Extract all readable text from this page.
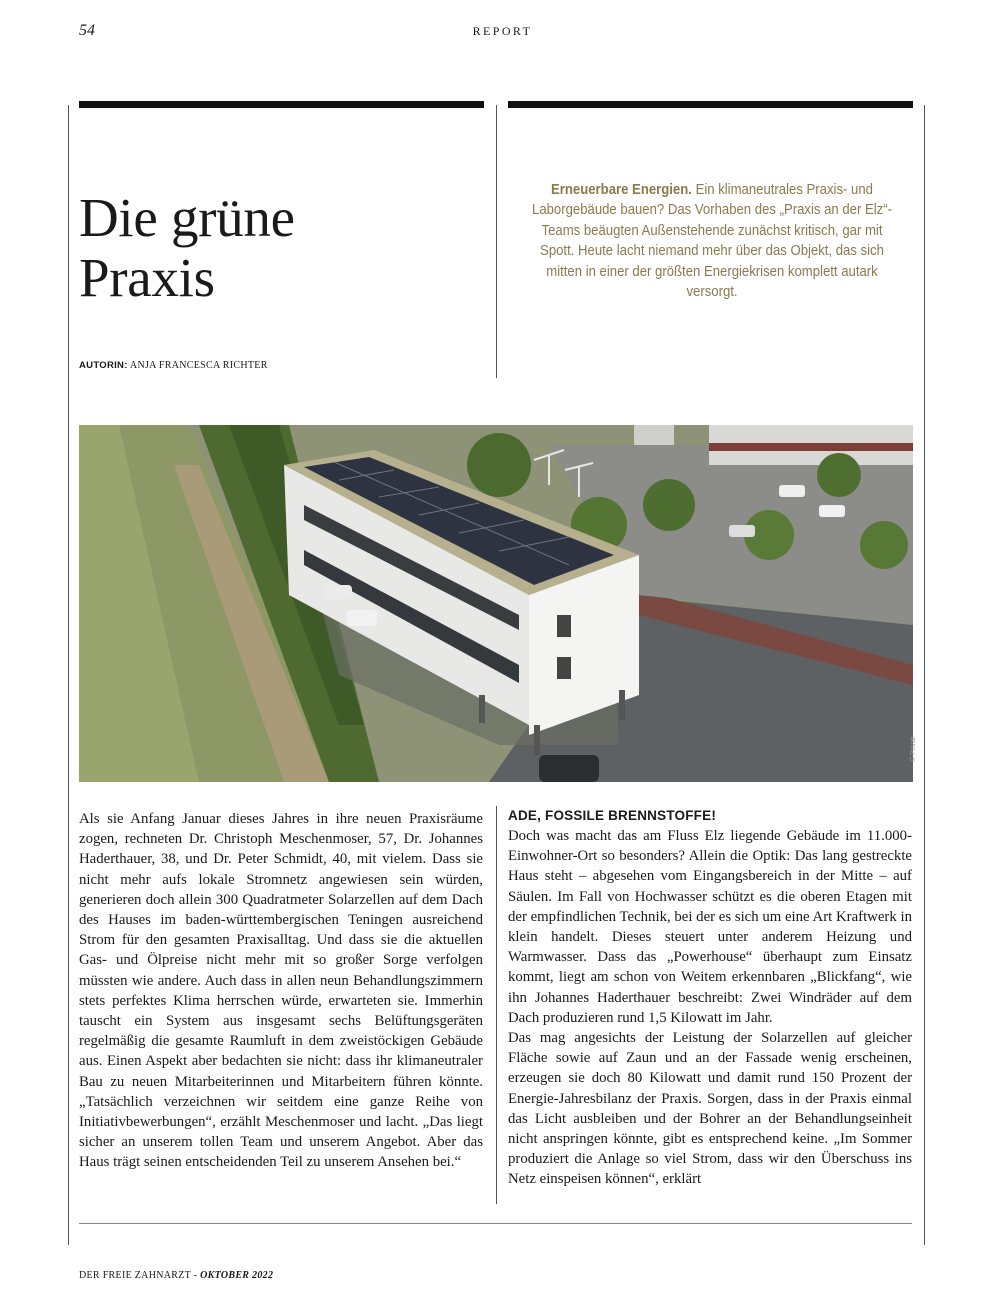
54	REPORT
Die grüne
Praxis
Erneuerbare Energien. Ein klimaneutrales Praxis- und Laborgebäude bauen? Das Vorhaben des „Praxis an der Elz“-Teams beäugten Außenstehende zunächst kritisch, gar mit Spott. Heute lacht niemand mehr über das Objekt, das sich mitten in einer der größten Energiekrisen komplett autark versorgt.
AUTORIN: ANJA FRANCESCA RICHTER
© Privat

Als sie Anfang Januar dieses Jahres in ihre neuen Praxisräume zogen, rechneten Dr. Christoph Meschenmoser, 57, Dr. Johannes Haderthauer, 38, und Dr. Peter Schmidt, 40, mit vielem. Dass sie nicht mehr aufs lokale Stromnetz angewiesen sein würden, generieren doch allein 300 Quadratmeter Solarzellen auf dem Dach des Hauses im baden-württembergischen Teningen ausreichend Strom für den gesamten Praxisalltag. Und dass sie die aktuellen Gas- und Ölpreise nicht mehr mit so großer Sorge verfolgen müssten wie andere. Auch dass in allen neun Behandlungszimmern stets perfektes Klima herrschen würde, erwarteten sie. Immerhin tauscht ein System aus insgesamt sechs Belüftungsgeräten regelmäßig die gesamte Raumluft in dem zweistöckigen Gebäude aus. Einen Aspekt aber bedachten sie nicht: dass ihr klimaneutraler Bau zu neuen Mitarbeiterinnen und Mitarbeitern führen könnte. „Tatsächlich verzeichnen wir seitdem eine ganze Reihe von Initiativbewerbungen“, erzählt Meschenmoser und lacht. „Das liegt sicher an unserem tollen Team und unserem Angebot. Aber das Haus trägt seinen entscheidenden Teil zu unserem Ansehen bei.“

ADE, FOSSILE BRENNSTOFFE!

Doch was macht das am Fluss Elz liegende Gebäude im 11.000-Einwohner-Ort so besonders? Allein die Optik: Das lang gestreckte Haus steht – abgesehen vom Eingangsbereich in der Mitte – auf Säulen. Im Fall von Hochwasser schützt es die oberen Etagen mit der empfindlichen Technik, bei der es sich um eine Art Kraftwerk in klein handelt. Dieses steuert unter anderem Heizung und Warmwasser. Dass das „Powerhouse“ überhaupt zum Einsatz kommt, liegt am schon von Weitem erkennbaren „Blickfang“, wie ihn Johannes Haderthauer beschreibt: Zwei Windräder auf dem Dach produzieren rund 1,5 Kilowatt im Jahr.

Das mag angesichts der Leistung der Solarzellen auf gleicher Fläche sowie auf Zaun und an der Fassade wenig erscheinen, erzeugen sie doch 80 Kilowatt und damit rund 150 Prozent der Energie-Jahresbilanz der Praxis. Sorgen, dass in der Praxis einmal das Licht ausbleiben und der Bohrer an der Behandlungseinheit nicht anspringen könnte, gibt es entsprechend keine. „Im Sommer produziert die Anlage so viel Strom, dass wir den Überschuss ins Netz einspeisen können“, erklärt

DER FREIE ZAHNARZT - OKTOBER 2022
